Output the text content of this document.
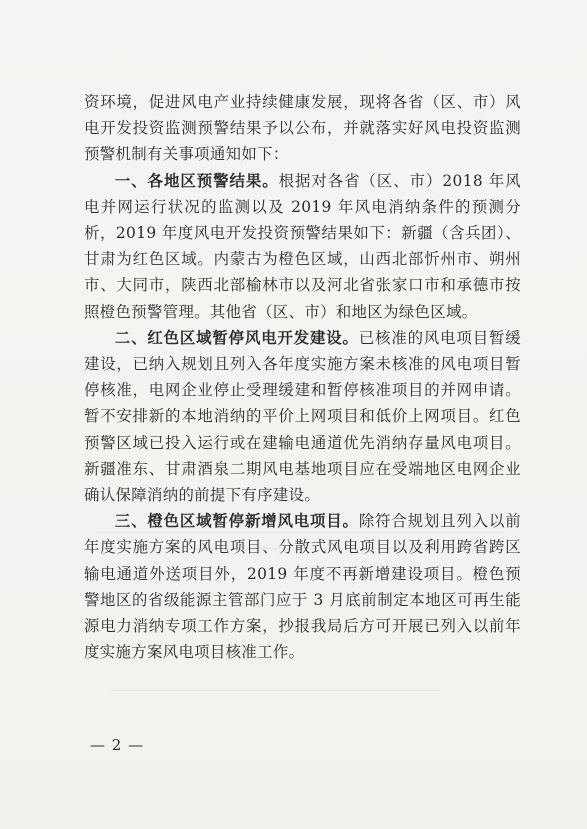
资环境，促进风电产业持续健康发展，现将各省（区、市）风电开发投资监测预警结果予以公布，并就落实好风电投资监测预警机制有关事项通知如下：

一、各地区预警结果。根据对各省（区、市）2018 年风电并网运行状况的监测以及 2019 年风电消纳条件的预测分析，2019 年度风电开发投资预警结果如下：新疆（含兵团）、甘肃为红色区域。内蒙古为橙色区域，山西北部忻州市、朔州市、大同市，陕西北部榆林市以及河北省张家口市和承德市按照橙色预警管理。其他省（区、市）和地区为绿色区域。

二、红色区域暂停风电开发建设。已核准的风电项目暂缓建设，已纳入规划且列入各年度实施方案未核准的风电项目暂停核准，电网企业停止受理缓建和暂停核准项目的并网申请。暂不安排新的本地消纳的平价上网项目和低价上网项目。红色预警区域已投入运行或在建输电通道优先消纳存量风电项目。新疆准东、甘肃酒泉二期风电基地项目应在受端地区电网企业确认保障消纳的前提下有序建设。

三、橙色区域暂停新增风电项目。除符合规划且列入以前年度实施方案的风电项目、分散式风电项目以及利用跨省跨区输电通道外送项目外，2019 年度不再新增建设项目。橙色预警地区的省级能源主管部门应于 3 月底前制定本地区可再生能源电力消纳专项工作方案，抄报我局后方可开展已列入以前年度实施方案风电项目核准工作。

— 2 —
